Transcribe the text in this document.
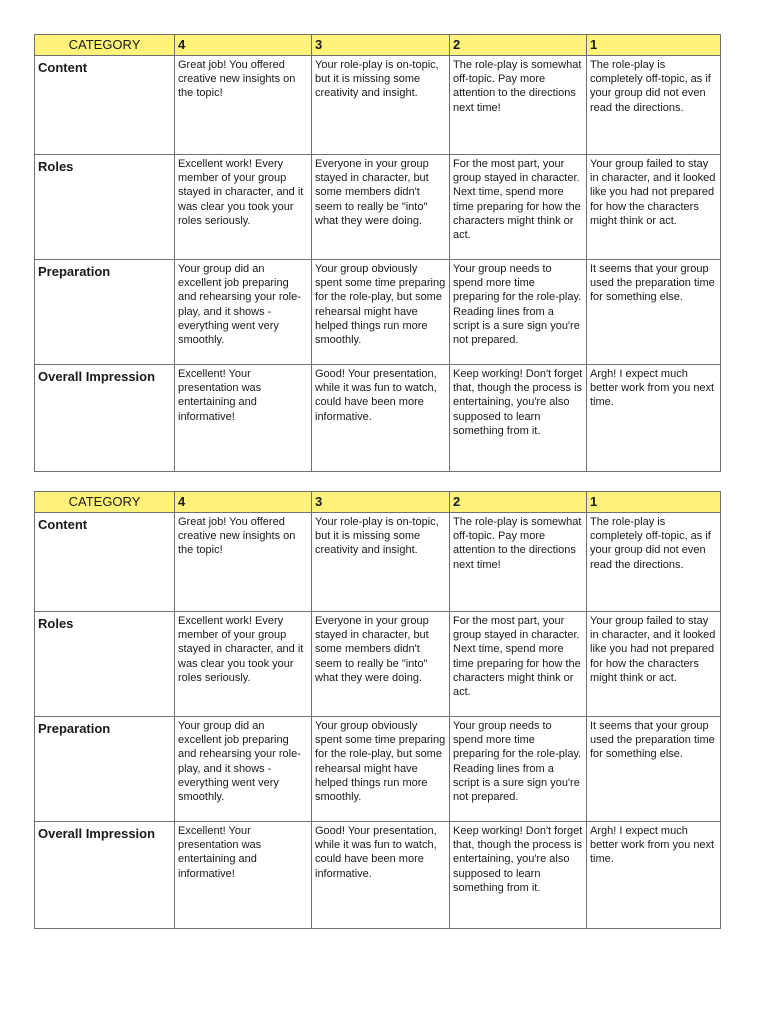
CATEGORY	4	3	2	1
Content	Great job! You offered creative new insights on the topic!	Your role-play is on-topic, but it is missing some creativity and insight.	The role-play is somewhat off-topic. Pay more attention to the directions next time!	The role-play is completely off-topic, as if your group did not even read the directions.
Roles	Excellent work! Every member of your group stayed in character, and it was clear you took your roles seriously.	Everyone in your group stayed in character, but some members didn't seem to really be "into" what they were doing.	For the most part, your group stayed in character. Next time, spend more time preparing for how the characters might think or act.	Your group failed to stay in character, and it looked like you had not prepared for how the characters might think or act.
Preparation	Your group did an excellent job preparing and rehearsing your role-play, and it shows - everything went very smoothly.	Your group obviously spent some time preparing for the role-play, but some rehearsal might have helped things run more smoothly.	Your group needs to spend more time preparing for the role-play. Reading lines from a script is a sure sign you're not prepared.	It seems that your group used the preparation time for something else.
Overall Impression	Excellent! Your presentation was entertaining and informative!	Good! Your presentation, while it was fun to watch, could have been more informative.	Keep working! Don't forget that, though the process is entertaining, you're also supposed to learn something from it.	Argh! I expect much better work from you next time.
CATEGORY	4	3	2	1
Content	Great job! You offered creative new insights on the topic!	Your role-play is on-topic, but it is missing some creativity and insight.	The role-play is somewhat off-topic. Pay more attention to the directions next time!	The role-play is completely off-topic, as if your group did not even read the directions.
Roles	Excellent work! Every member of your group stayed in character, and it was clear you took your roles seriously.	Everyone in your group stayed in character, but some members didn't seem to really be "into" what they were doing.	For the most part, your group stayed in character. Next time, spend more time preparing for how the characters might think or act.	Your group failed to stay in character, and it looked like you had not prepared for how the characters might think or act.
Preparation	Your group did an excellent job preparing and rehearsing your role-play, and it shows - everything went very smoothly.	Your group obviously spent some time preparing for the role-play, but some rehearsal might have helped things run more smoothly.	Your group needs to spend more time preparing for the role-play. Reading lines from a script is a sure sign you're not prepared.	It seems that your group used the preparation time for something else.
Overall Impression	Excellent! Your presentation was entertaining and informative!	Good! Your presentation, while it was fun to watch, could have been more informative.	Keep working! Don't forget that, though the process is entertaining, you're also supposed to learn something from it.	Argh! I expect much better work from you next time.
